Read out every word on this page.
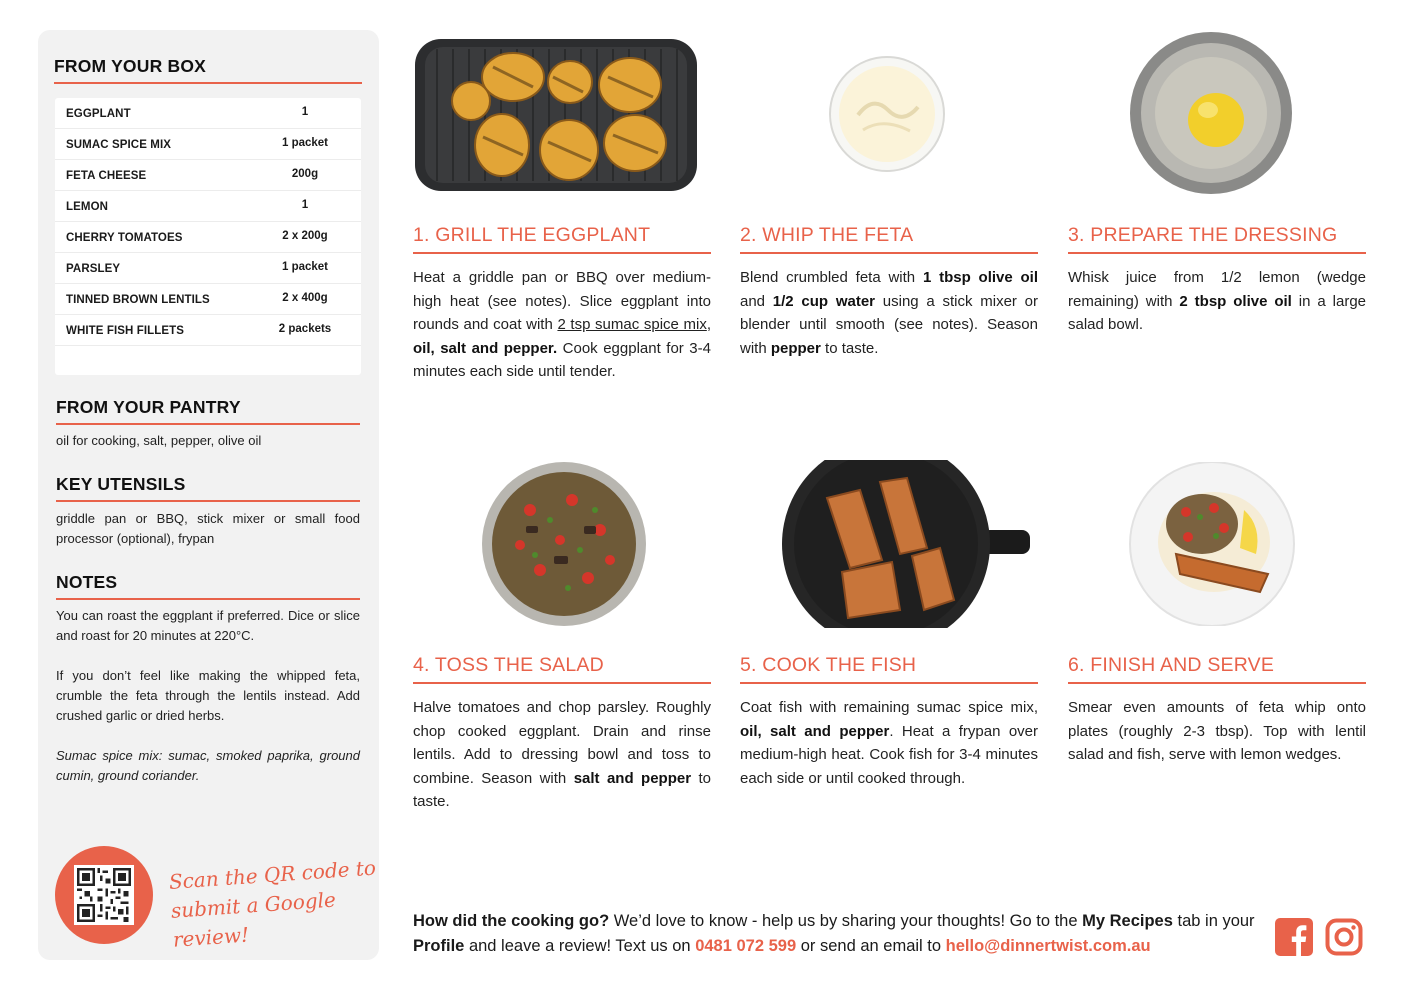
FROM YOUR BOX
EGGPLANT	1
SUMAC SPICE MIX	1 packet
FETA CHEESE	200g
LEMON	1
CHERRY TOMATOES	2 x 200g
PARSLEY	1 packet
TINNED BROWN LENTILS	2 x 400g
WHITE FISH FILLETS	2 packets
FROM YOUR PANTRY
oil for cooking, salt, pepper, olive oil
KEY UTENSILS
griddle pan or BBQ, stick mixer or small food processor (optional), frypan
NOTES
You can roast the eggplant if preferred. Dice or slice and roast for 20 minutes at 220°C.
If you don’t feel like making the whipped feta, crumble the feta through the lentils instead. Add crushed garlic or dried herbs.
Sumac spice mix: sumac, smoked paprika, ground cumin, ground coriander.
Scan the QR code to
submit a Google review!
1. GRILL THE EGGPLANT
Heat a griddle pan or BBQ over medium-high heat (see notes). Slice eggplant into rounds and coat with 2 tsp sumac spice mix, oil, salt and pepper. Cook eggplant for 3-4 minutes each side until tender.
2. WHIP THE FETA
Blend crumbled feta with 1 tbsp olive oil and 1/2 cup water using a stick mixer or blender until smooth (see notes). Season with pepper to taste.
3. PREPARE THE DRESSING
Whisk juice from 1/2 lemon (wedge remaining) with 2 tbsp olive oil in a large salad bowl.
4. TOSS THE SALAD
Halve tomatoes and chop parsley. Roughly chop cooked eggplant. Drain and rinse lentils. Add to dressing bowl and toss to combine. Season with salt and pepper to taste.
5. COOK THE FISH
Coat fish with remaining sumac spice mix, oil, salt and pepper. Heat a frypan over medium-high heat. Cook fish for 3-4 minutes each side or until cooked through.
6. FINISH AND SERVE
Smear even amounts of feta whip onto plates (roughly 2-3 tbsp). Top with lentil salad and fish, serve with lemon wedges.
How did the cooking go? We’d love to know - help us by sharing your thoughts! Go to the My Recipes tab in your Profile and leave a review! Text us on 0481 072 599 or send an email to hello@dinnertwist.com.au
